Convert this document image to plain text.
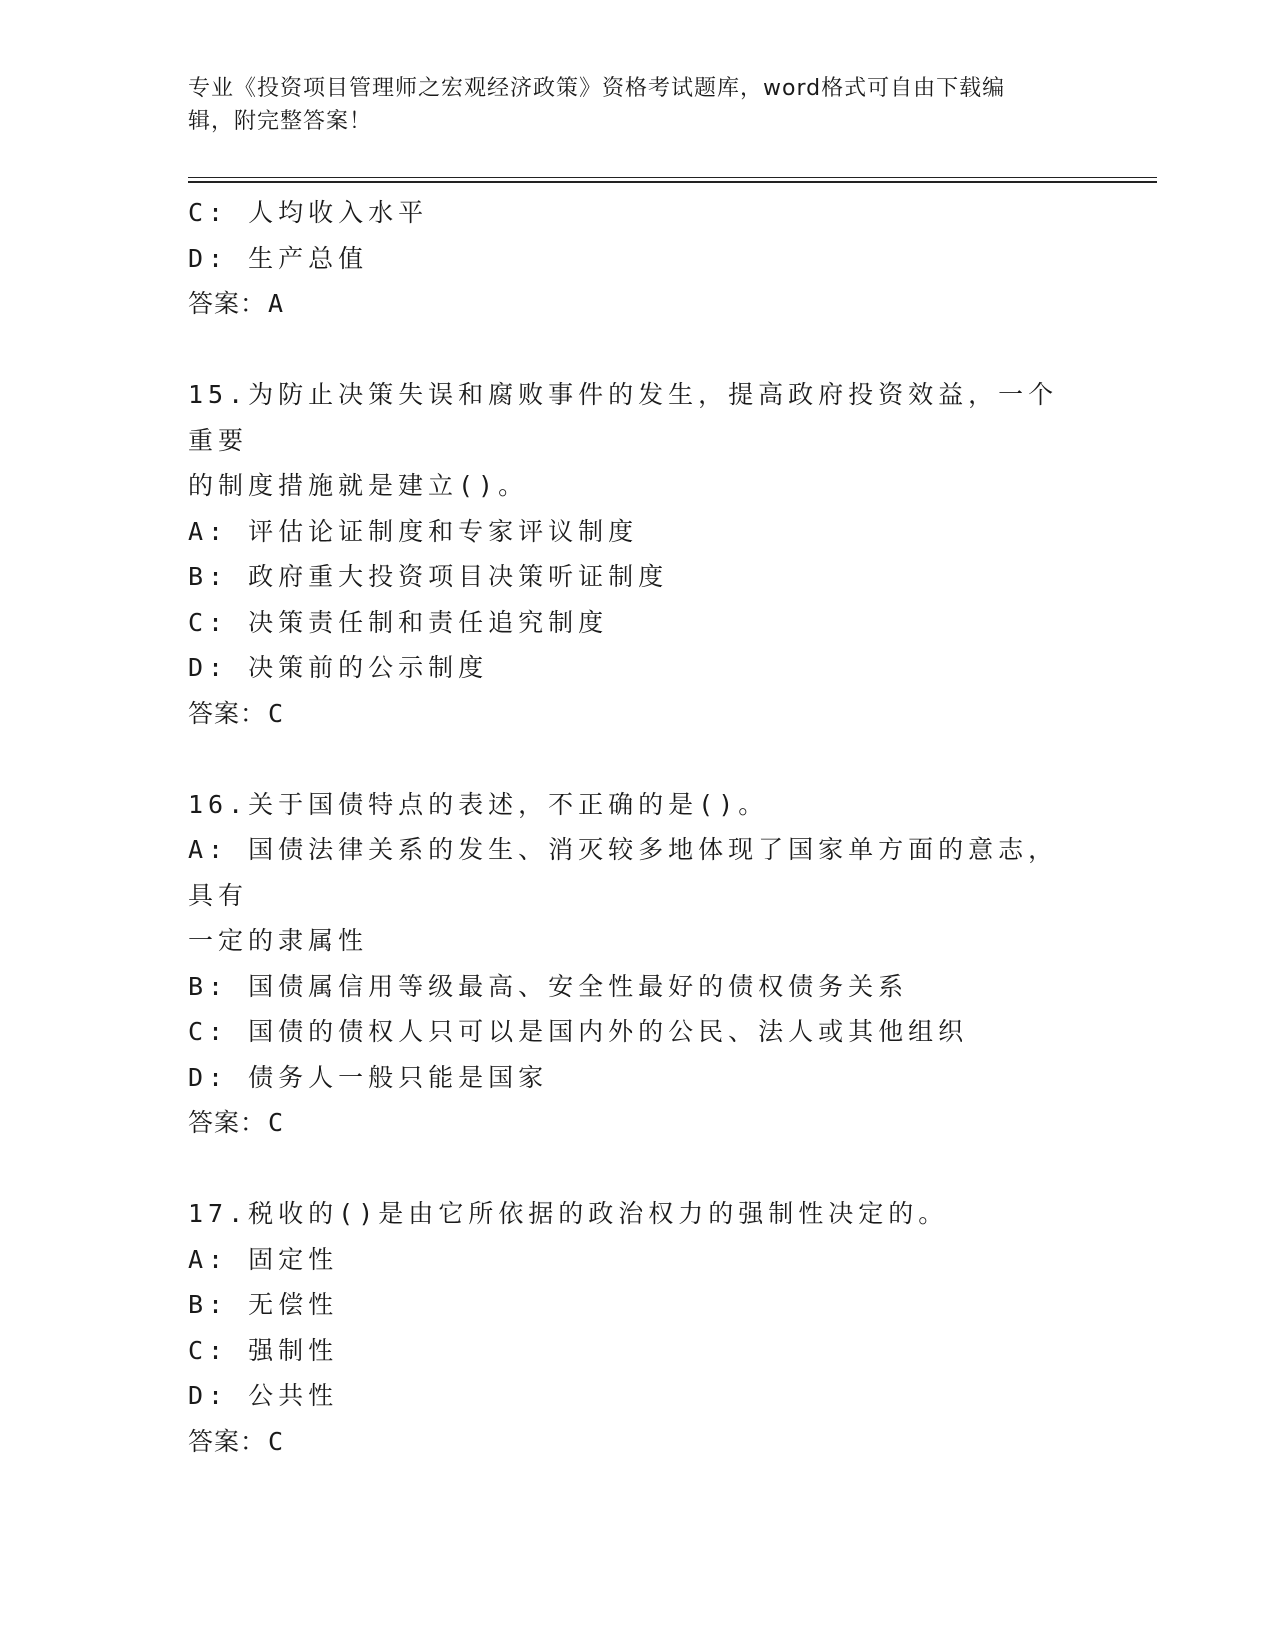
专业《投资项目管理师之宏观经济政策》资格考试题库，word格式可自由下载编
辑，附完整答案！
C: 人均收入水平
D: 生产总值
答案：A
15.为防止决策失误和腐败事件的发生，提高政府投资效益，一个重要
的制度措施就是建立()。
A: 评估论证制度和专家评议制度
B: 政府重大投资项目决策听证制度
C: 决策责任制和责任追究制度
D: 决策前的公示制度
答案：C
16.关于国债特点的表述，不正确的是()。
A: 国债法律关系的发生、消灭较多地体现了国家单方面的意志，具有
一定的隶属性
B: 国债属信用等级最高、安全性最好的债权债务关系
C: 国债的债权人只可以是国内外的公民、法人或其他组织
D: 债务人一般只能是国家
答案：C
17.税收的()是由它所依据的政治权力的强制性决定的。
A: 固定性
B: 无偿性
C: 强制性
D: 公共性
答案：C
